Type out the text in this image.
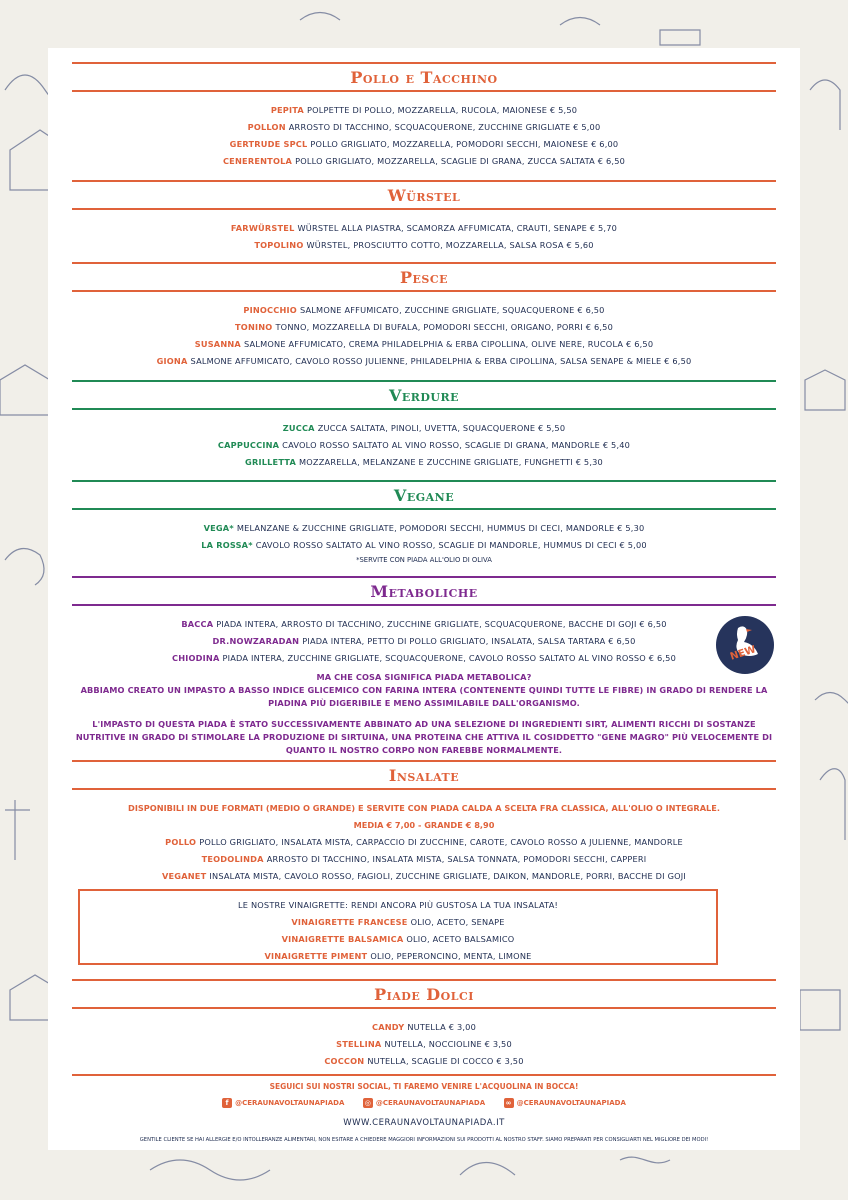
Pollo e Tacchino
PEPITA POLPETTE DI POLLO, MOZZARELLA, RUCOLA, MAIONESE € 5,50
POLLON ARROSTO DI TACCHINO, SCQUACQUERONE, ZUCCHINE GRIGLIATE € 5,00
GERTRUDE SPCL POLLO GRIGLIATO, MOZZARELLA, POMODORI SECCHI, MAIONESE € 6,00
CENERENTOLA POLLO GRIGLIATO, MOZZARELLA, SCAGLIE DI GRANA, ZUCCA SALTATA € 6,50
Würstel
FARWÜRSTEL WÜRSTEL ALLA PIASTRA, SCAMORZA AFFUMICATA, CRAUTI, SENAPE € 5,70
TOPOLINO WÜRSTEL, PROSCIUTTO COTTO, MOZZARELLA, SALSA ROSA € 5,60
Pesce
PINOCCHIO SALMONE AFFUMICATO, ZUCCHINE GRIGLIATE, SQUACQUERONE € 6,50
TONINO TONNO, MOZZARELLA DI BUFALA, POMODORI SECCHI, ORIGANO, PORRI € 6,50
SUSANNA SALMONE AFFUMICATO, CREMA PHILADELPHIA & ERBA CIPOLLINA, OLIVE NERE, RUCOLA € 6,50
GIONA SALMONE AFFUMICATO, CAVOLO ROSSO JULIENNE, PHILADELPHIA & ERBA CIPOLLINA, SALSA SENAPE & MIELE € 6,50
Verdure
ZUCCA ZUCCA SALTATA, PINOLI, UVETTA, SQUACQUERONE € 5,50
CAPPUCCINA CAVOLO ROSSO SALTATO AL VINO ROSSO, SCAGLIE DI GRANA, MANDORLE € 5,40
GRILLETTA MOZZARELLA, MELANZANE E ZUCCHINE GRIGLIATE, FUNGHETTI € 5,30
Vegane
VEGA* MELANZANE & ZUCCHINE GRIGLIATE, POMODORI SECCHI, HUMMUS DI CECI, MANDORLE € 5,30
LA ROSSA* CAVOLO ROSSO SALTATO AL VINO ROSSO, SCAGLIE DI MANDORLE, HUMMUS DI CECI € 5,00
*SERVITE CON PIADA ALL'OLIO DI OLIVA
Metaboliche
BACCA PIADA INTERA, ARROSTO DI TACCHINO, ZUCCHINE GRIGLIATE, SCQUACQUERONE, BACCHE DI GOJI € 6,50
DR.NOWZARADAN PIADA INTERA, PETTO DI POLLO GRIGLIATO, INSALATA, SALSA TARTARA € 6,50
CHIODINA PIADA INTERA, ZUCCHINE GRIGLIATE, SCQUACQUERONE, CAVOLO ROSSO SALTATO AL VINO ROSSO € 6,50
MA CHE COSA SIGNIFICA PIADA METABOLICA?
ABBIAMO CREATO UN IMPASTO A BASSO INDICE GLICEMICO CON FARINA INTERA (CONTENENTE QUINDI TUTTE LE FIBRE) IN GRADO DI RENDERE LA PIADINA PIÙ DIGERIBILE E MENO ASSIMILABILE DALL'ORGANISMO.
L'IMPASTO DI QUESTA PIADA È STATO SUCCESSIVAMENTE ABBINATO AD UNA SELEZIONE DI INGREDIENTI SIRT, ALIMENTI RICCHI DI SOSTANZE NUTRITIVE IN GRADO DI STIMOLARE LA PRODUZIONE DI SIRTUINA, UNA PROTEINA CHE ATTIVA IL COSIDDETTO "GENE MAGRO" PIÙ VELOCEMENTE DI QUANTO IL NOSTRO CORPO NON FAREBBE NORMALMENTE.
NEW
Insalate
DISPONIBILI IN DUE FORMATI (MEDIO O GRANDE) E SERVITE CON PIADA CALDA A SCELTA FRA CLASSICA, ALL'OLIO O INTEGRALE.
MEDIA € 7,00 - GRANDE € 8,90
POLLO POLLO GRIGLIATO, INSALATA MISTA, CARPACCIO DI ZUCCHINE, CAROTE, CAVOLO ROSSO A JULIENNE, MANDORLE
TEODOLINDA ARROSTO DI TACCHINO, INSALATA MISTA, SALSA TONNATA, POMODORI SECCHI, CAPPERI
VEGANET INSALATA MISTA, CAVOLO ROSSO, FAGIOLI, ZUCCHINE GRIGLIATE, DAIKON, MANDORLE, PORRI, BACCHE DI GOJI
LE NOSTRE VINAIGRETTE: RENDI ANCORA PIÙ GUSTOSA LA TUA INSALATA!
VINAIGRETTE FRANCESE OLIO, ACETO, SENAPE
VINAIGRETTE BALSAMICA OLIO, ACETO BALSAMICO
VINAIGRETTE PIMENT OLIO, PEPERONCINO, MENTA, LIMONE
Piade Dolci
CANDY NUTELLA € 3,00
STELLINA NUTELLA, NOCCIOLINE € 3,50
COCCON NUTELLA, SCAGLIE DI COCCO € 3,50
SEGUICI SUI NOSTRI SOCIAL, TI FAREMO VENIRE L'ACQUOLINA IN BOCCA!
f @CERAUNAVOLTAUNAPIADA	◎ @CERAUNAVOLTAUNAPIADA	∞ @CERAUNAVOLTAUNAPIADA
WWW.CERAUNAVOLTAUNAPIADA.IT
GENTILE CLIENTE SE HAI ALLERGIE E/O INTOLLERANZE ALIMENTARI, NON ESITARE A CHIEDERE MAGGIORI INFORMAZIONI SUI PRODOTTI AL NOSTRO STAFF. SIAMO PREPARATI PER CONSIGLIARTI NEL MIGLIORE DEI MODI!
